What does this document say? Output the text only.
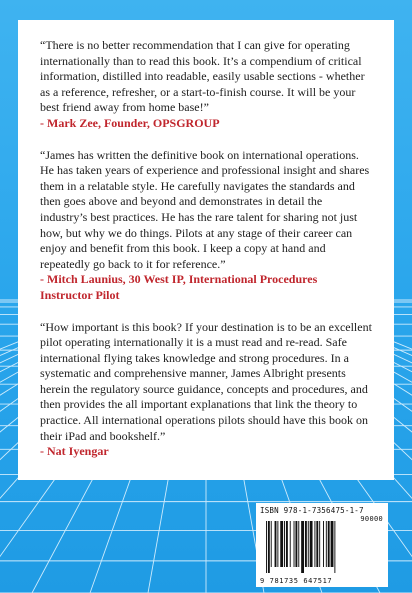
“There is no better recommendation that I can give for operating internationally than to read this book. It’s a compendium of critical information, distilled into readable, easily usable sections - whether as a reference, refresher, or a start-to-finish course. It will be your best friend away from home base!”

- Mark Zee, Founder, OPSGROUP

“James has written the definitive book on international operations. He has taken years of experience and professional insight and shares them in a relatable style. He carefully navigates the standards and then goes above and beyond and demonstrates in detail the industry’s best practices. He has the rare talent for sharing not just how, but why we do things. Pilots at any stage of their career can enjoy and benefit from this book. I keep a copy at hand and repeatedly go back to it for reference.”

- Mitch Launius, 30 West IP, International Procedures Instructor Pilot

“How important is this book? If your destination is to be an excellent pilot operating internationally it is a must read and re-read. Safe international flying takes knowledge and strong procedures. In a systematic and comprehensive manner, James Albright presents herein the regulatory source guidance, concepts and procedures, and then provides the all important explanations that link the theory to practice. All international operations pilots should have this book on their iPad and bookshelf.”

- Nat Iyengar

ISBN 978-1-7356475-1-7
90000
9 781735 647517
